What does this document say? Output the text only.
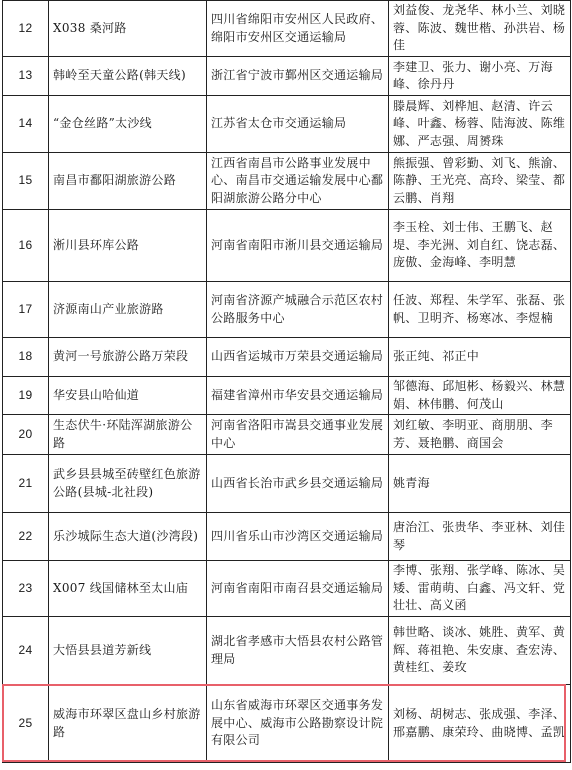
12	X038 桑河路	四川省绵阳市安州区人民政府、绵阳市安州区交通运输局	刘益俊、龙尧华、林小兰、刘晓蓉、陈波、魏世楷、孙洪岩、杨佳
13	韩岭至天童公路(韩天线)	浙江省宁波市鄞州区交通运输局	李建卫、张力、谢小亮、万海峰、徐丹丹
14	“金仓丝路”太沙线	江苏省太仓市交通运输局	滕晨辉、刘桦旭、赵清、许云峰、叶鑫、杨蓉、陆海波、陈维娜、严志强、周赟珠
15	南昌市鄱阳湖旅游公路	江西省南昌市公路事业发展中心、南昌市交通运输发展中心鄱阳湖旅游公路分中心	熊振强、曾彩勤、刘飞、熊渝、陈静、王光亮、高玲、梁莹、都云鹏、肖翔
16	淅川县环库公路	河南省南阳市淅川县交通运输局	李玉栓、刘士伟、王鹏飞、赵堤、李光洲、刘自红、饶志磊、庞傲、金海峰、李明慧
17	济源南山产业旅游路	河南省济源产城融合示范区农村公路服务中心	任波、郑程、朱学军、张磊、张帆、卫明齐、杨寒冰、李煜楠
18	黄河一号旅游公路万荣段	山西省运城市万荣县交通运输局	张正纯、祁正中
19	华安县山哈仙道	福建省漳州市华安县交通运输局	邹德海、邱旭彬、杨毅兴、林慧娟、林伟鹏、何茂山
20	生态伏牛·环陆浑湖旅游公路	河南省洛阳市嵩县交通事业发展中心	刘红敏、李明亚、商朋朋、李芳、聂艳鹏、商国会
21	武乡县县城至砖壁红色旅游公路(县城-北社段)	山西省长治市武乡县交通运输局	姚青海
22	乐沙城际生态大道(沙湾段)	四川省乐山市沙湾区交通运输局	唐治江、张贵华、李亚林、刘佳琴
23	X007 线国储林至太山庙	河南省南阳市南召县交通运输局	李博、张翔、张学峰、陈冰、吴矮、雷萌萌、白鑫、冯文轩、党壮壮、高义函
24	大悟县县道芳新线	湖北省孝感市大悟县农村公路管理局	韩世略、谈冰、姚胜、黄军、黄辉、蒋祖艳、朱安康、查宏涛、黄桂红、姜玫
25	威海市环翠区盘山乡村旅游路	山东省威海市环翠区交通事务发展中心、威海市公路勘察设计院有限公司	刘杨、胡树志、张成强、李泽、邢嘉鹏、康荣玲、曲晓博、孟凯
